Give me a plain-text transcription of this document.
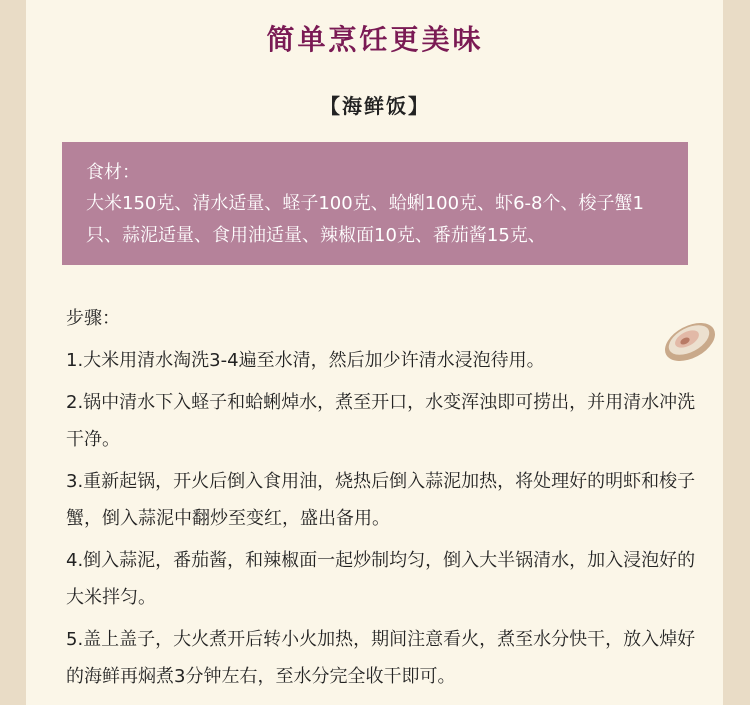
简单烹饪更美味
【海鲜饭】
食材：
大米150克、清水适量、蛏子100克、蛤蜊100克、虾6-8个、梭子蟹1只、蒜泥适量、食用油适量、辣椒面10克、番茄酱15克、
步骤：
1.大米用清水淘洗3-4遍至水清，然后加少许清水浸泡待用。
2.锅中清水下入蛏子和蛤蜊焯水，煮至开口，水变浑浊即可捞出，并用清水冲洗干净。
3.重新起锅，开火后倒入食用油，烧热后倒入蒜泥加热，将处理好的明虾和梭子蟹，倒入蒜泥中翻炒至变红，盛出备用。
4.倒入蒜泥，番茄酱，和辣椒面一起炒制均匀，倒入大半锅清水，加入浸泡好的大米拌匀。
5.盖上盖子，大火煮开后转小火加热，期间注意看火，煮至水分快干，放入焯好的海鲜再焖煮3分钟左右，至水分完全收干即可。
